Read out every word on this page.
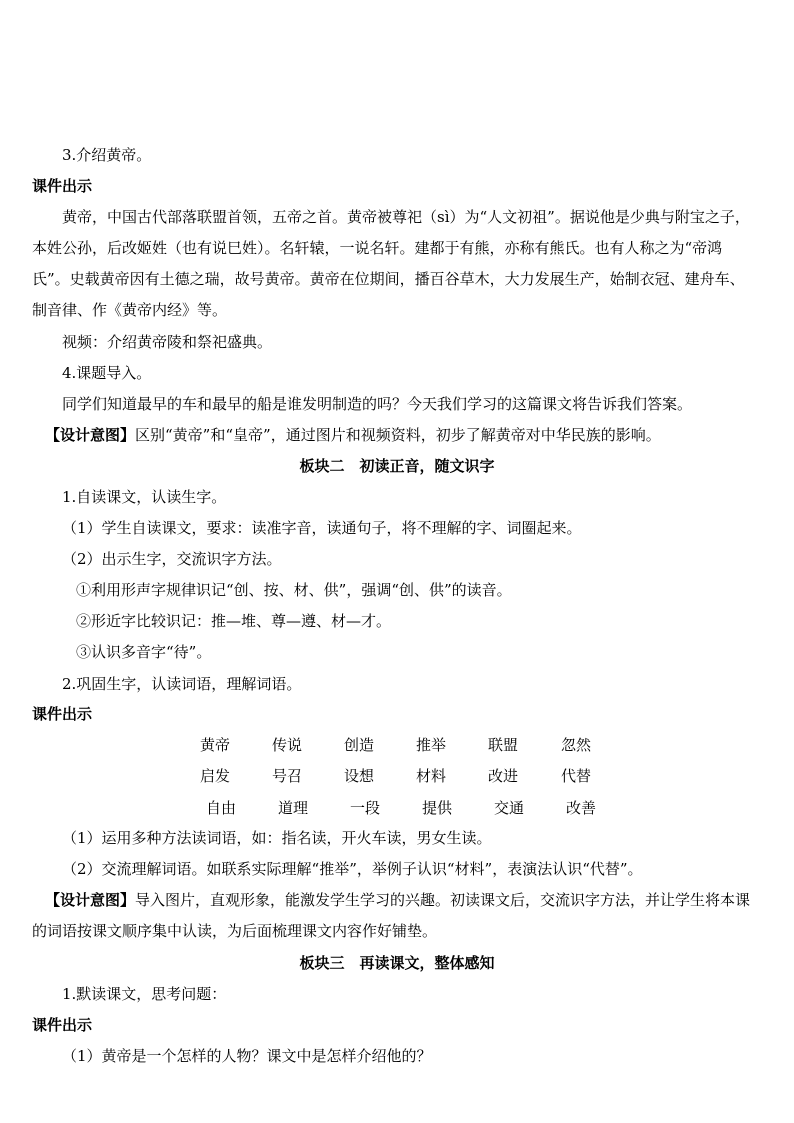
3.介绍黄帝。
课件出示
黄帝，中国古代部落联盟首领，五帝之首。黄帝被尊祀（sì）为“人文初祖”。据说他是少典与附宝之子，本姓公孙，后改姬姓（也有说巳姓）。名轩辕，一说名轩。建都于有熊，亦称有熊氏。也有人称之为“帝鸿氏”。史载黄帝因有土德之瑞，故号黄帝。黄帝在位期间，播百谷草木，大力发展生产，始制衣冠、建舟车、制音律、作《黄帝内经》等。
视频：介绍黄帝陵和祭祀盛典。
4.课题导入。
同学们知道最早的车和最早的船是谁发明制造的吗？今天我们学习的这篇课文将告诉我们答案。
【设计意图】区别“黄帝”和“皇帝”，通过图片和视频资料，初步了解黄帝对中华民族的影响。
板块二　初读正音，随文识字
1.自读课文，认读生字。
（1）学生自读课文，要求：读准字音，读通句子，将不理解的字、词圈起来。
（2）出示生字，交流识字方法。
①利用形声字规律识记“创、按、材、供”，强调“创、供”的读音。
②形近字比较识记：推—堆、尊—遵、材—才。
③认识多音字“待”。
2.巩固生字，认读词语，理解词语。
课件出示
黄帝	传说	创造	推举	联盟	忽然
启发	号召	设想	材料	改进	代替
自由	道理	一段	提供	交通	改善
（1）运用多种方法读词语，如：指名读，开火车读，男女生读。
（2）交流理解词语。如联系实际理解“推举”，举例子认识“材料”，表演法认识“代替”。
【设计意图】导入图片，直观形象，能激发学生学习的兴趣。初读课文后，交流识字方法，并让学生将本课的词语按课文顺序集中认读，为后面梳理课文内容作好铺垫。
板块三　再读课文，整体感知
1.默读课文，思考问题：
课件出示
（1）黄帝是一个怎样的人物？课文中是怎样介绍他的？
